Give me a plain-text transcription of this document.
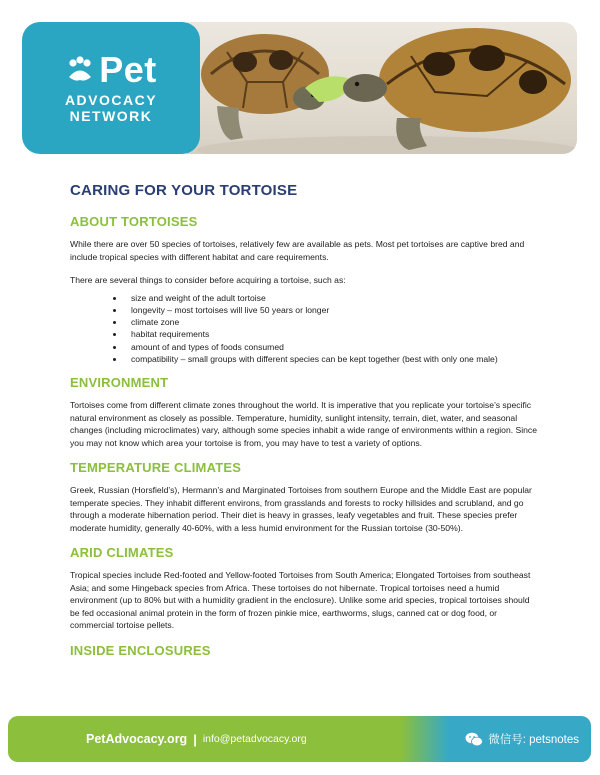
Pet
ADVOCACY
NETWORK
CARING FOR YOUR TORTOISE
ABOUT TORTOISES

While there are over 50 species of tortoises, relatively few are available as pets. Most pet tortoises are captive bred and include tropical species with different habitat and care requirements.

There are several things to consider before acquiring a tortoise, such as:

• size and weight of the adult tortoise
• longevity – most tortoises will live 50 years or longer
• climate zone
• habitat requirements
• amount of and types of foods consumed
• compatibility – small groups with different species can be kept together (best with only one male)
ENVIRONMENT

Tortoises come from different climate zones throughout the world. It is imperative that you replicate your tortoise’s specific natural environment as closely as possible. Temperature, humidity, sunlight intensity, terrain, diet, water, and seasonal changes (including microclimates) vary, although some species inhabit a wide range of environments within a region. Since you may not know which area your tortoise is from, you may have to test a variety of options.

TEMPERATURE CLIMATES

Greek, Russian (Horsfield’s), Hermann’s and Marginated Tortoises from southern Europe and the Middle East are popular temperate species. They inhabit different environs, from grasslands and forests to rocky hillsides and scrubland, and go through a moderate hibernation period. Their diet is heavy in grasses, leafy vegetables and fruit. These species prefer moderate humidity, generally 40-60%, with a less humid environment for the Russian tortoise (30-50%).

ARID CLIMATES

Tropical species include Red-footed and Yellow-footed Tortoises from South America; Elongated Tortoises from southeast Asia; and some Hingeback species from Africa. These tortoises do not hibernate. Tropical tortoises need a humid environment (up to 80% but with a humidity gradient in the enclosure). Unlike some arid species, tropical tortoises should be fed occasional animal protein in the form of frozen pinkie mice, earthworms, slugs, canned cat or dog food, or commercial tortoise pellets.

INSIDE ENCLOSURES
PetAdvocacy.org | info@petadvocacy.org	微信号: petsnotes
